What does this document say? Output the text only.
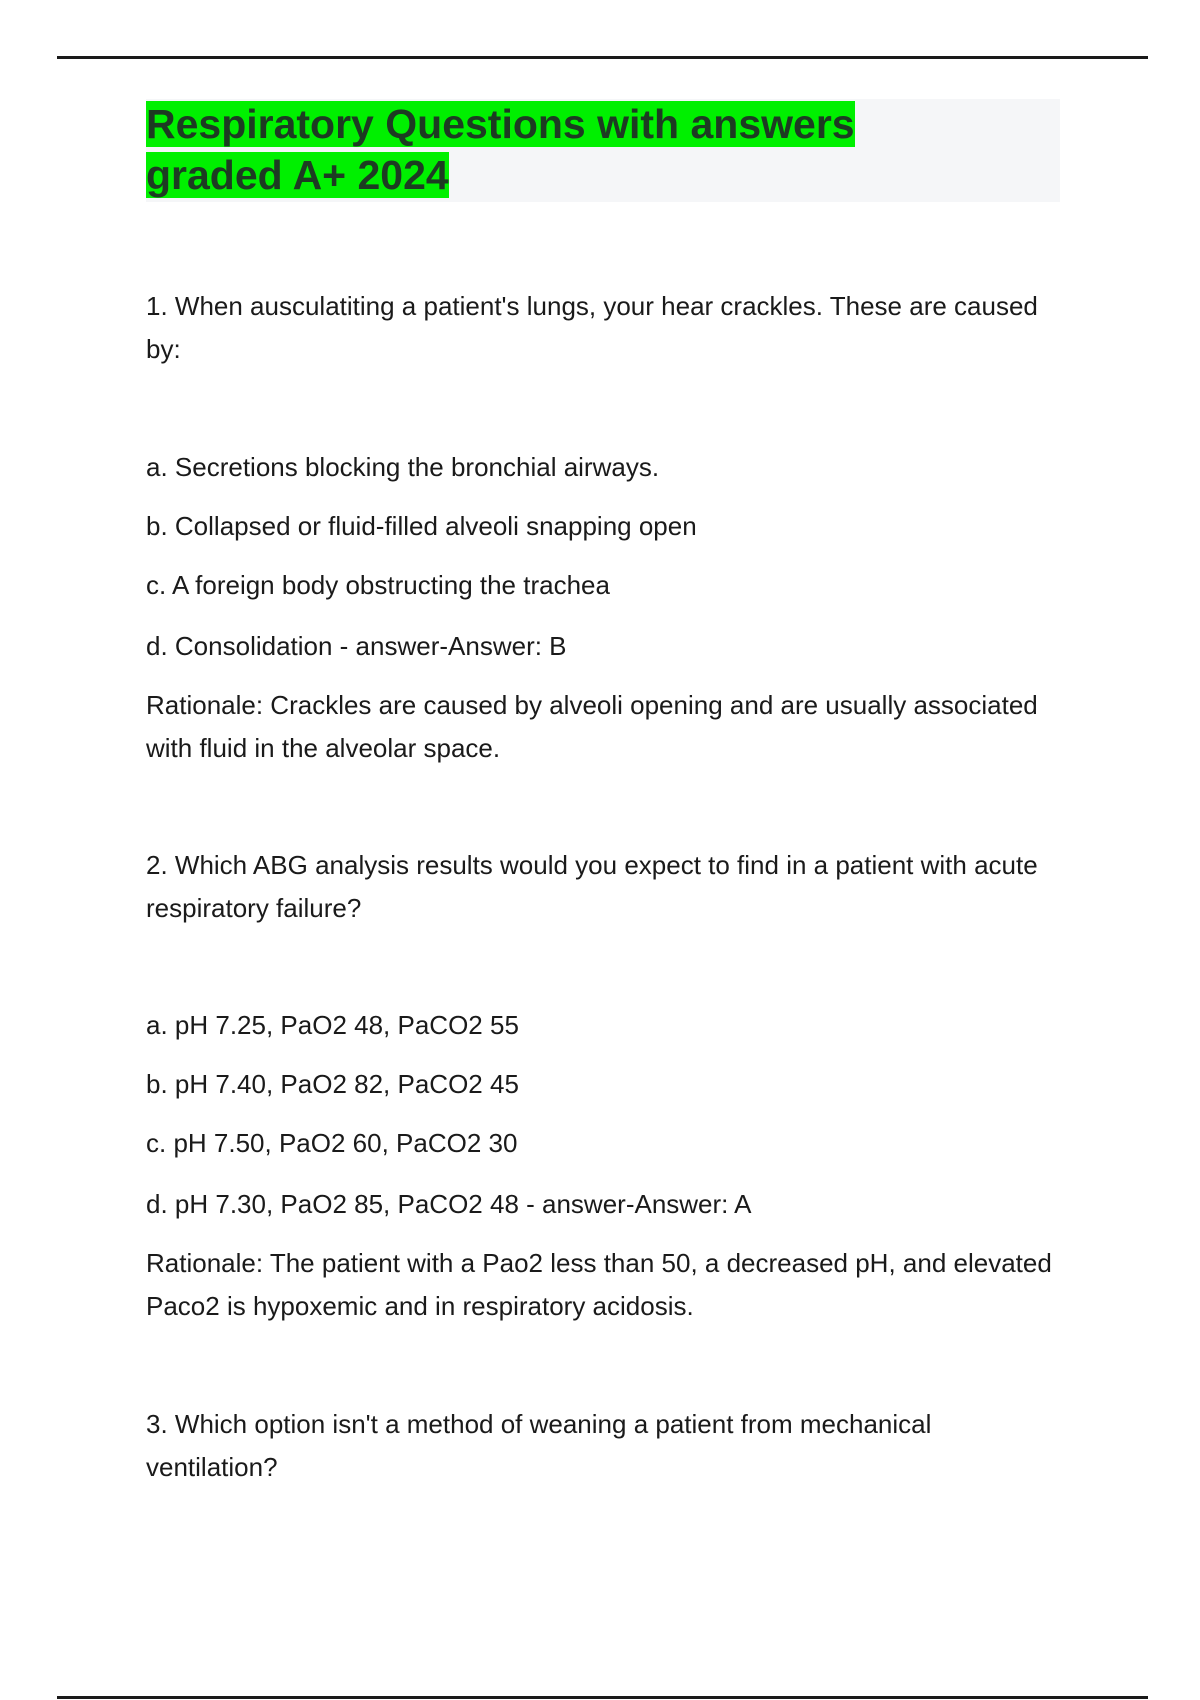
Respiratory Questions with answers graded A+ 2024
1. When ausculatiting a patient's lungs, your hear crackles. These are caused by:
a. Secretions blocking the bronchial airways.
b. Collapsed or fluid-filled alveoli snapping open
c. A foreign body obstructing the trachea
d. Consolidation - answer-Answer: B
Rationale: Crackles are caused by alveoli opening and are usually associated with fluid in the alveolar space.
2. Which ABG analysis results would you expect to find in a patient with acute respiratory failure?
a. pH 7.25, PaO2 48, PaCO2 55
b. pH 7.40, PaO2 82, PaCO2 45
c. pH 7.50, PaO2 60, PaCO2 30
d. pH 7.30, PaO2 85, PaCO2 48 - answer-Answer: A
Rationale: The patient with a Pao2 less than 50, a decreased pH, and elevated Paco2 is hypoxemic and in respiratory acidosis.
3. Which option isn't a method of weaning a patient from mechanical ventilation?
